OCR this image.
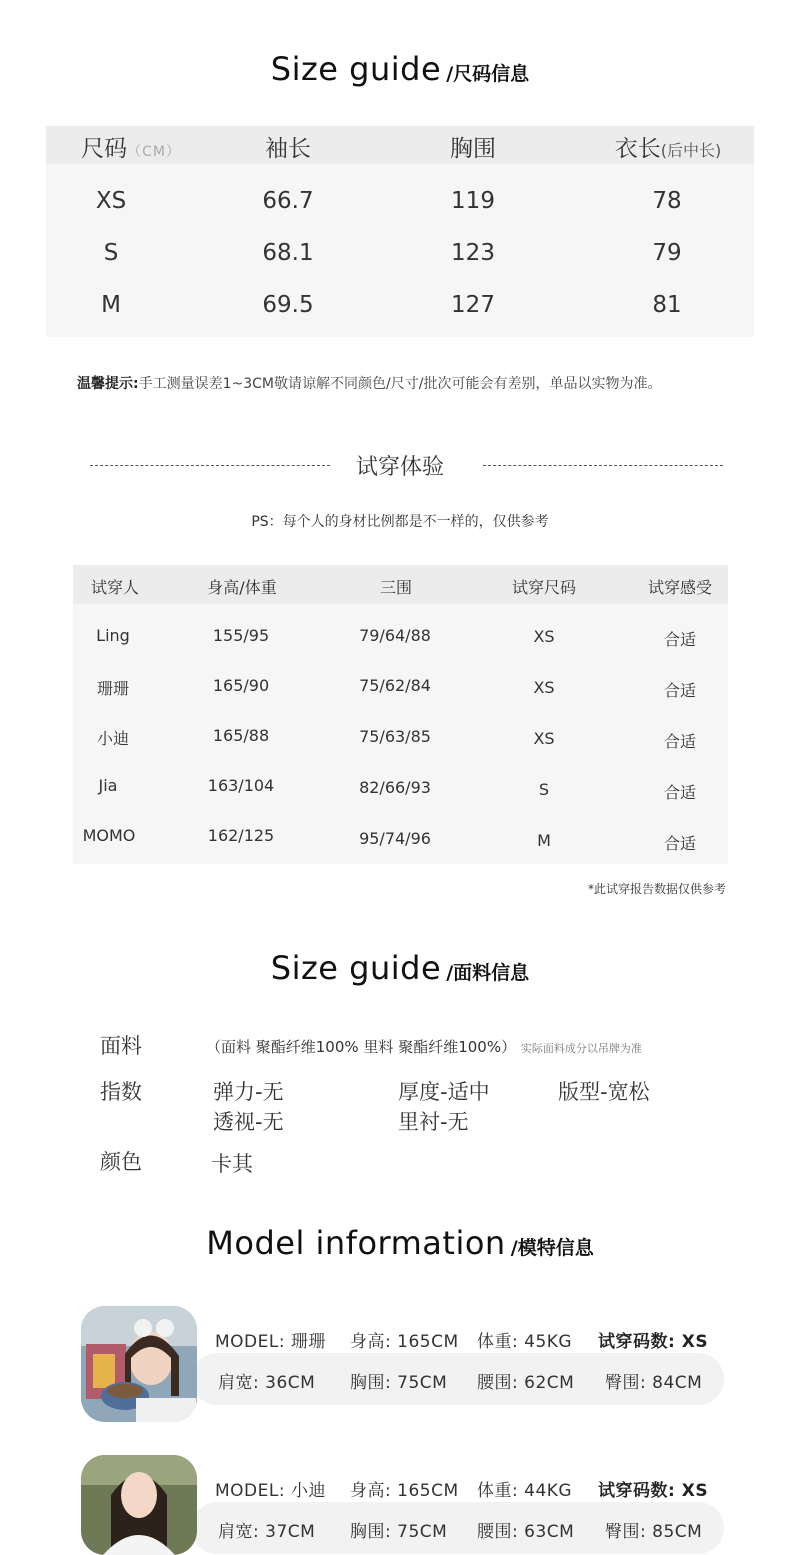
Size guide /尺码信息
尺码（CM）	袖长	胸围	衣长(后中长)
XS	66.7	119	78
S	68.1	123	79
M	69.5	127	81
温馨提示:手工测量误差1~3CM敬请谅解不同颜色/尺寸/批次可能会有差别，单品以实物为准。
试穿体验
PS：每个人的身材比例都是不一样的，仅供参考
试穿人	身高/体重	三围	试穿尺码	试穿感受
Ling	155/95	79/64/88	XS	合适
珊珊	165/90	75/62/84	XS	合适
小迪	165/88	75/63/85	XS	合适
Jia	163/104	82/66/93	S	合适
MOMO	162/125	95/74/96	M	合适
*此试穿报告数据仅供参考
Size guide /面料信息
面料	（面料 聚酯纤维100% 里料 聚酯纤维100%） 实际面料成分以吊牌为准
指数	弹力-无	厚度-适中	版型-宽松
透视-无	里衬-无
颜色	卡其
Model information /模特信息
MODEL: 珊珊 身高: 165CM 体重: 45KG 试穿码数: XS
肩宽: 36CM 胸围: 75CM 腰围: 62CM 臀围: 84CM
MODEL: 小迪 身高: 165CM 体重: 44KG 试穿码数: XS
肩宽: 37CM 胸围: 75CM 腰围: 63CM 臀围: 85CM
